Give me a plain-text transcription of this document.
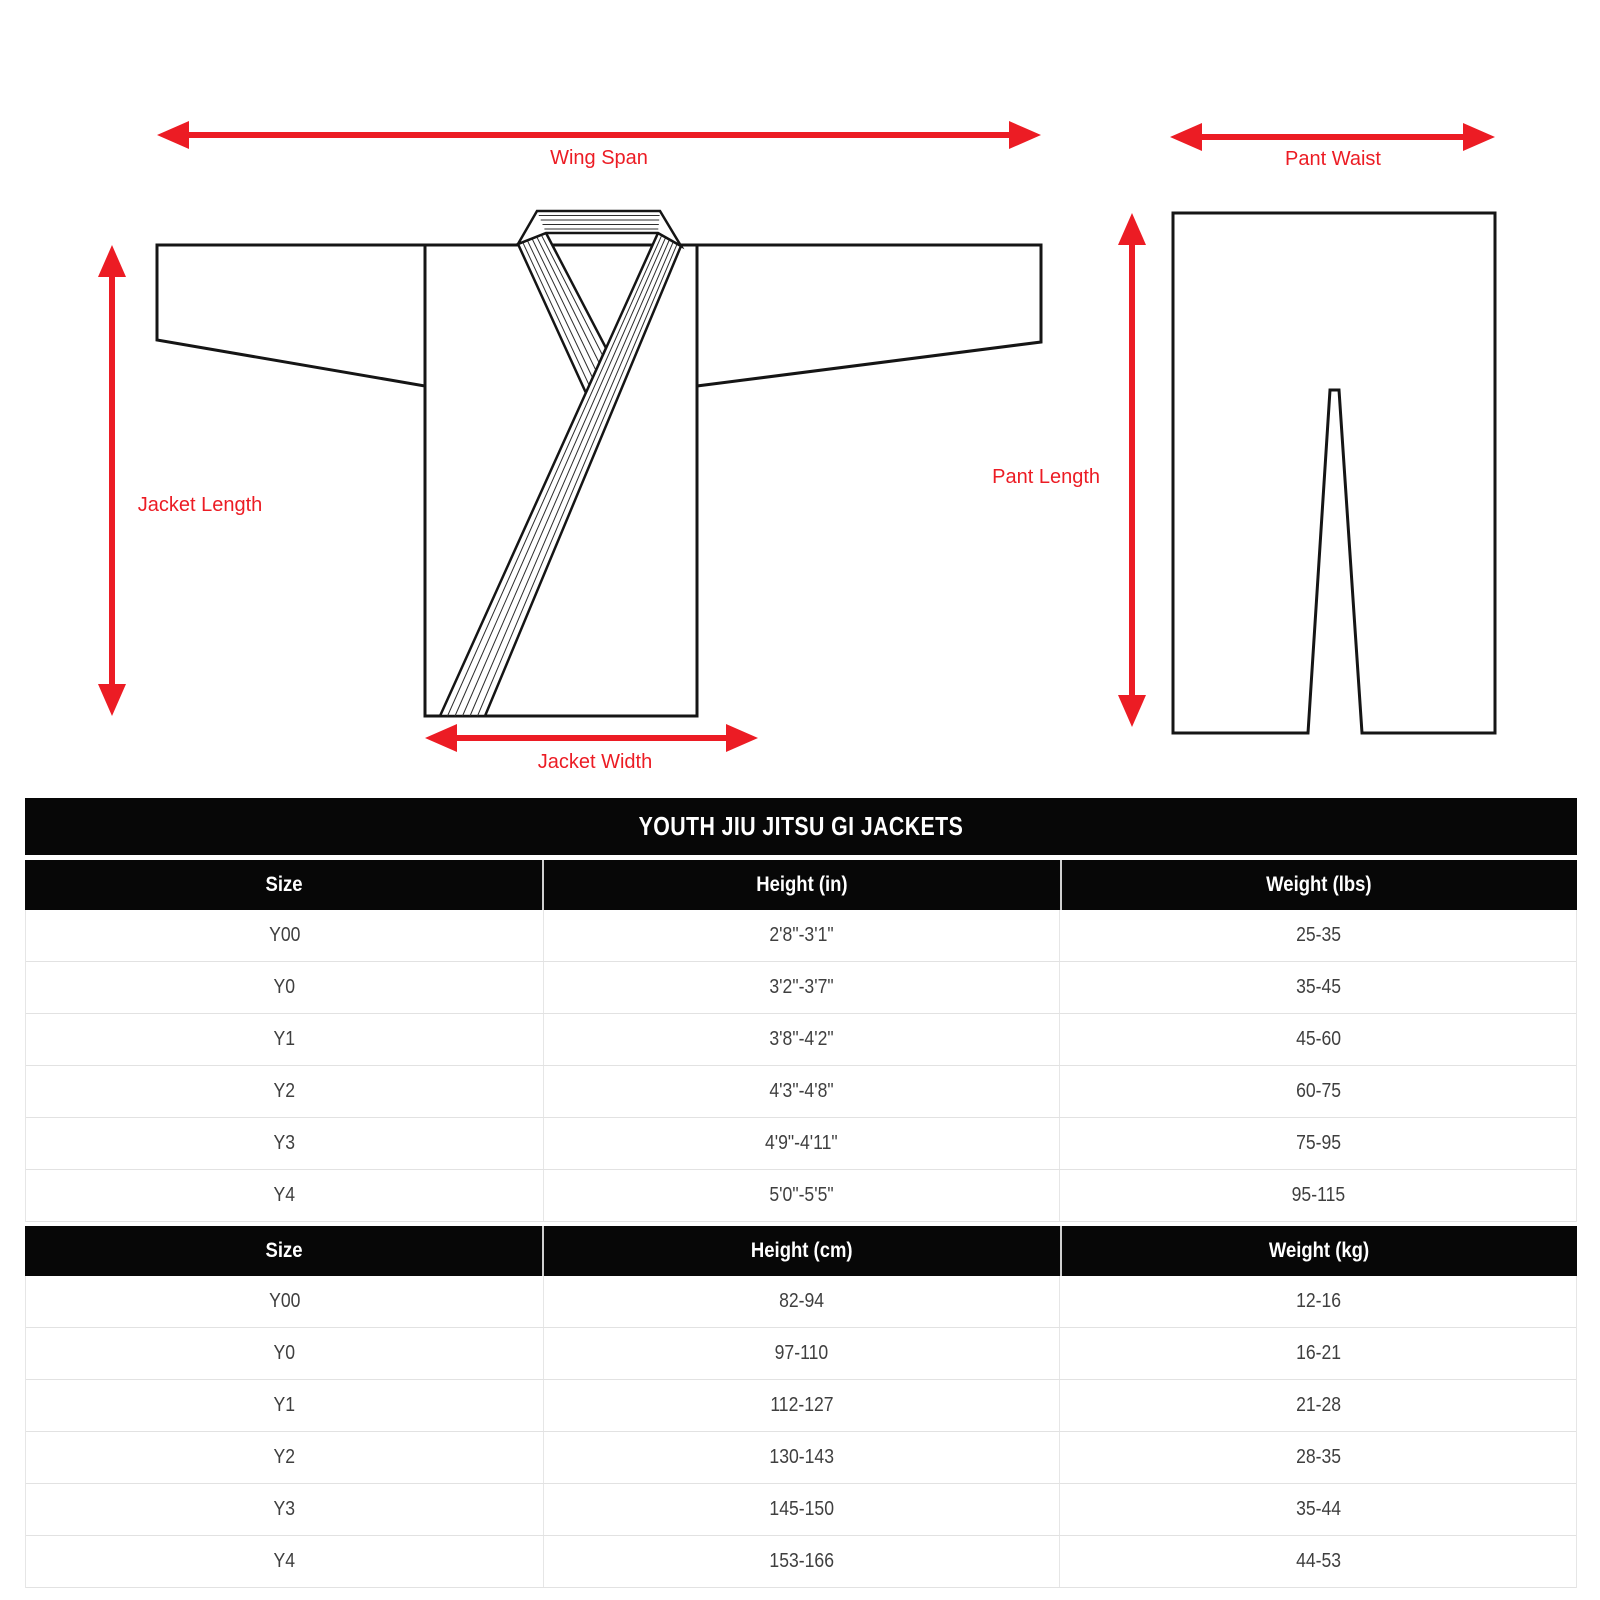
Wing Span	Pant Waist
Jacket Length
Pant Length
Jacket Width
YOUTH JIU JITSU GI JACKETS
Size	Height (in)	Weight (lbs)
Y00	2'8"-3'1"	25-35
Y0	3'2"-3'7"	35-45
Y1	3'8"-4'2"	45-60
Y2	4'3"-4'8"	60-75
Y3	4'9"-4'11"	75-95
Y4	5'0"-5'5"	95-115
Size	Height (cm)	Weight (kg)
Y00	82-94	12-16
Y0	97-110	16-21
Y1	112-127	21-28
Y2	130-143	28-35
Y3	145-150	35-44
Y4	153-166	44-53
